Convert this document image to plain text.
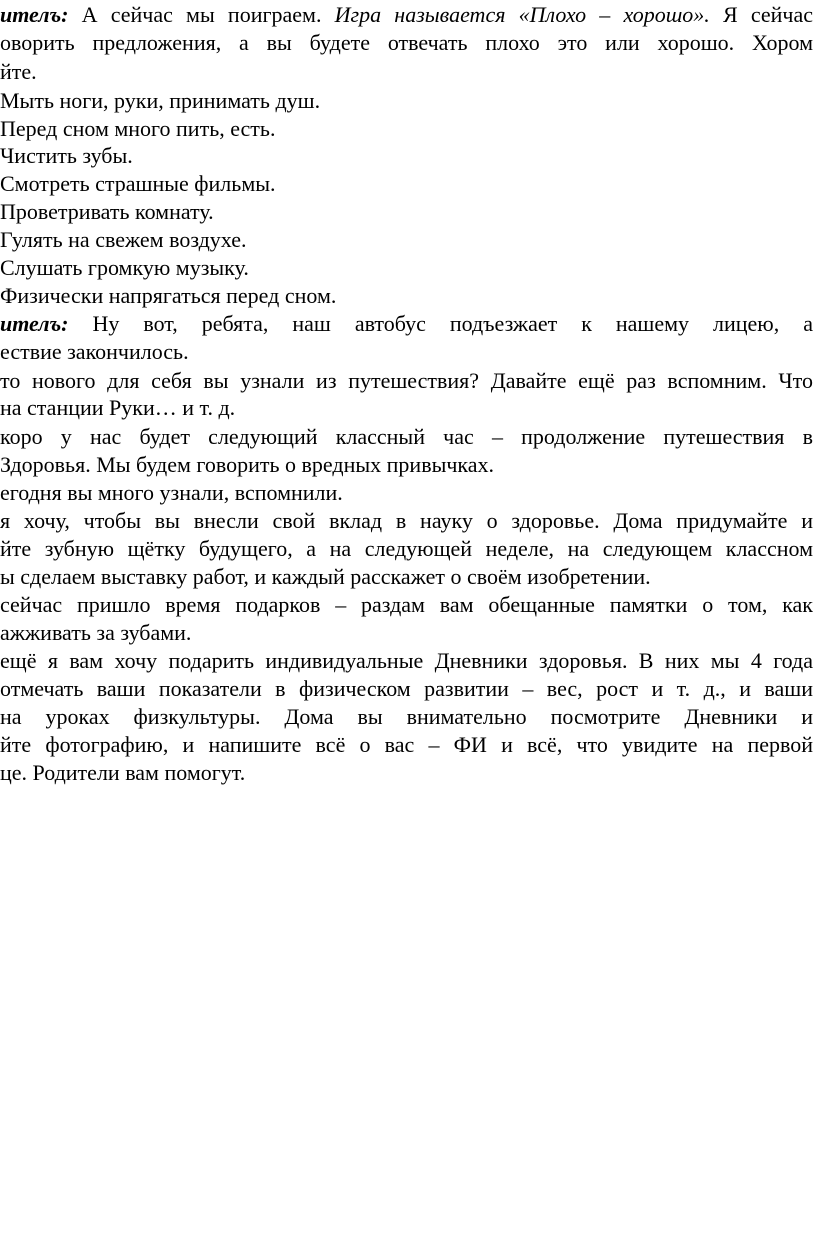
ителъ: А сейчас мы поиграем. Игра называется «Плохо – хорошо». Я сейчас
оворить предложения, а вы будете отвечать плохо это или хорошо. Хором
йте.
Мыть ноги, руки, принимать душ.
Перед сном много пить, есть.
Чистить зубы.
Смотреть страшные фильмы.
Проветривать комнату.
Гулять на свежем воздухе.
Слушать громкую музыку.
Физически напрягаться перед сном.
ителъ: Ну вот, ребята, наш автобус подъезжает к нашему лицею, а
ествие закончилось.
то нового для себя вы узнали из путешествия? Давайте ещё раз вспомним. Что
на станции Руки… и т. д.
коро у нас будет следующий классный час – продолжение путешествия в
Здоровья. Мы будем говорить о вредных привычках.
егодня вы много узнали, вспомнили.
я хочу, чтобы вы внесли свой вклад в науку о здоровье. Дома придумайте и
йте зубную щётку будущего, а на следующей неделе, на следующем классном
ы сделаем выставку работ, и каждый расскажет о своём изобретении.
сейчас пришло время подарков – раздам вам обещанные памятки о том, как
ажживать за зубами.
ещё я вам хочу подарить индивидуальные Дневники здоровья. В них мы 4 года
отмечать ваши показатели в физическом развитии – вес, рост и т. д., и ваши
на уроках физкультуры. Дома вы внимательно посмотрите Дневники и
йте фотографию, и напишите всё о вас – ФИ и всё, что увидите на первой
це. Родители вам помогут.
